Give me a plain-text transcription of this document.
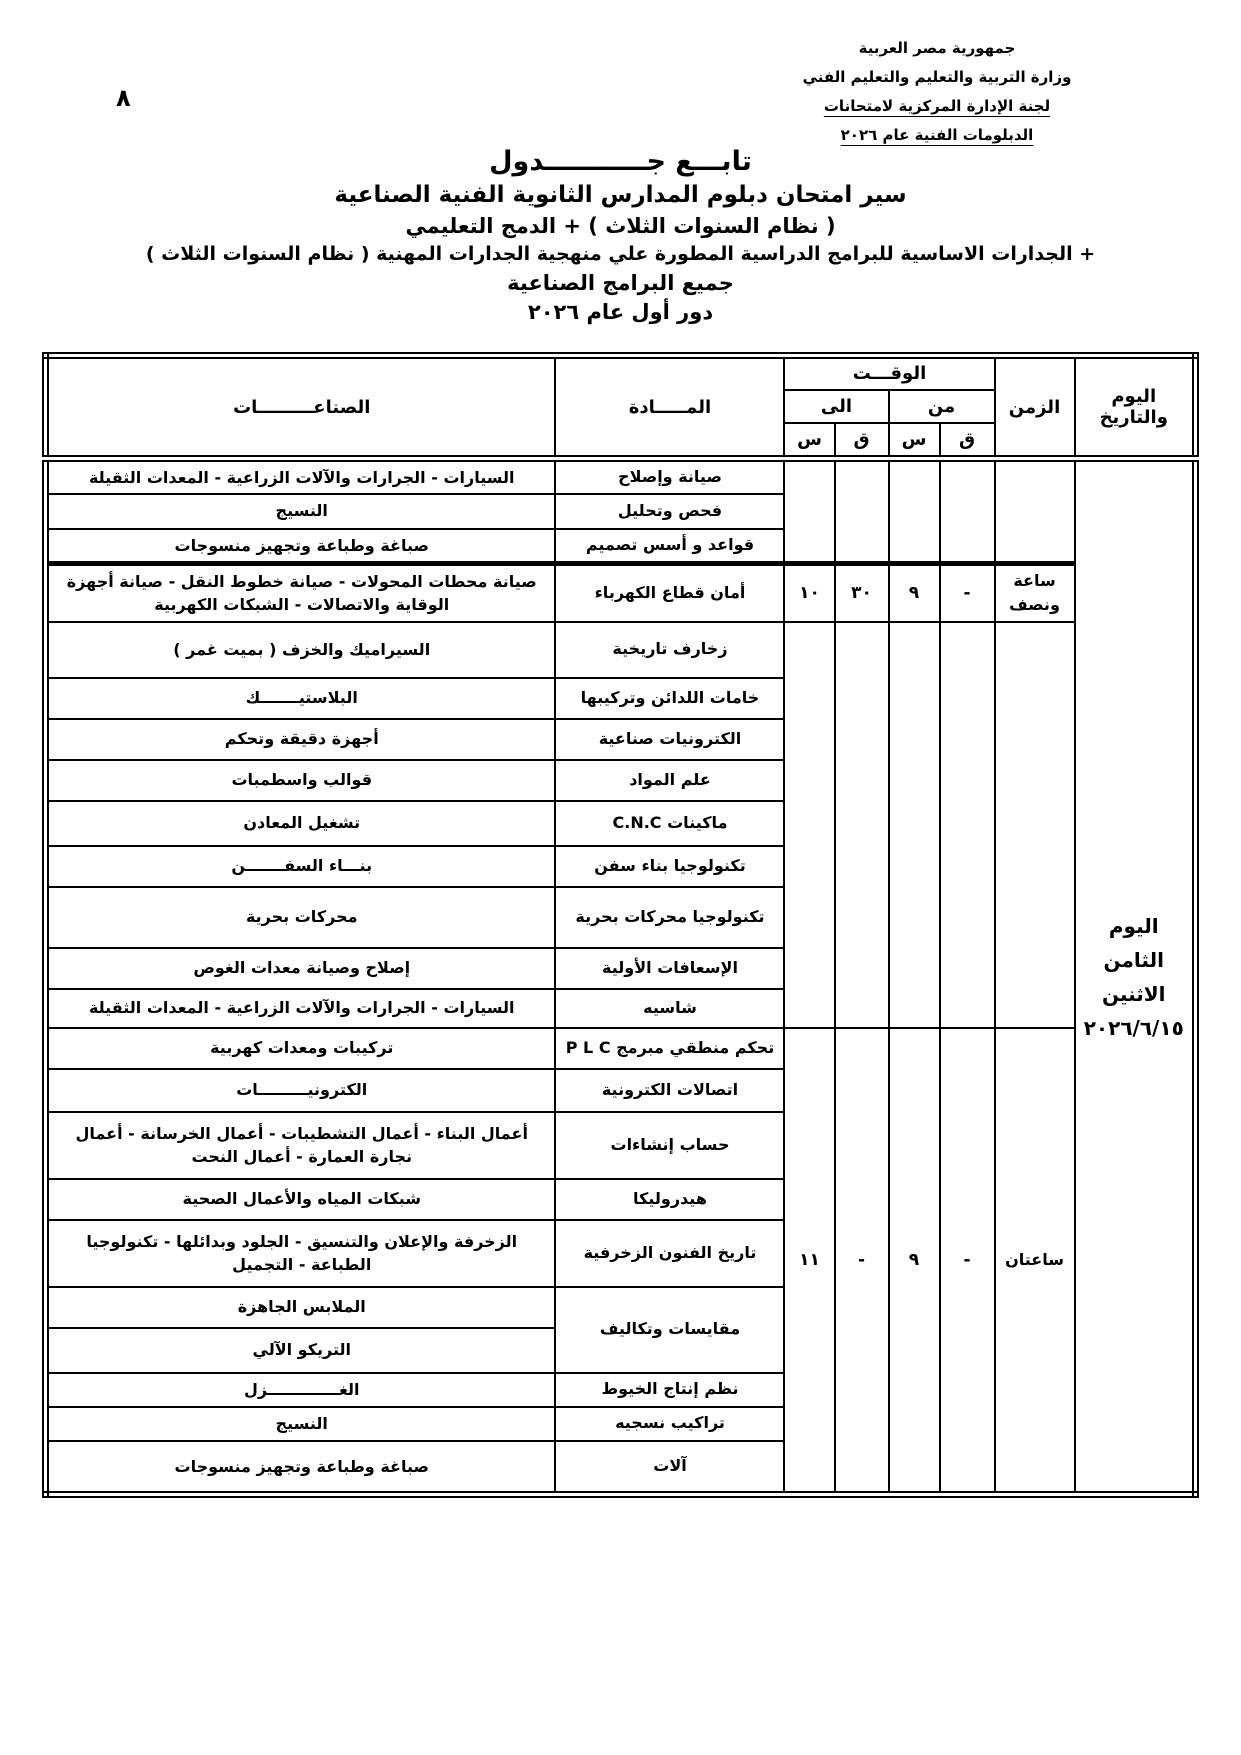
٨
جمهورية مصر العربية
وزارة التربية والتعليم والتعليم الفني
لجنة الإدارة المركزية لامتحانات
الدبلومات الفنية عام ٢٠٢٦
تابـــع جـــــــــــدول
سير امتحان دبلوم المدارس الثانوية الفنية الصناعية
( نظام السنوات الثلاث ) + الدمج التعليمي
+ الجدارات الاساسية للبرامج الدراسية المطورة علي منهجية الجدارات المهنية ( نظام السنوات الثلاث )
جميع البرامج الصناعية
دور أول عام ٢٠٢٦
اليوم والتاريخ	الزمن	الوقـــت				المـــــادة	الصناعـــــــــات
		من		الى			
		ق	س	ق	س		

اليوم
الثامن
الاثنين
٢٠٢٦/٦/١٥						صيانة وإصلاح	السيارات - الجرارات والآلات الزراعية - المعدات الثقيلة
						فحص وتحليل	النسيج
						قواعد و أسس تصميم	صباغة وطباعة وتجهيز منسوجات
	ساعة ونصف	-	٩	٣٠	١٠	أمان قطاع الكهرباء	صيانة محطات المحولات - صيانة خطوط النقل - صيانة أجهزة الوقاية والاتصالات - الشبكات الكهربية
						زخارف تاريخية	السيراميك والخزف ( بميت غمر )
						خامات اللدائن وتركيبها	البلاستيـــــــك
						الكترونيات صناعية	أجهزة دقيقة وتحكم
						علم المواد	قوالب واسطمبات
						ماكينات C.N.C	تشغيل المعادن
						تكنولوجيا بناء سفن	بنـــاء السفـــــــن
						تكنولوجيا محركات بحرية	محركات بحرية
						الإسعافات الأولية	إصلاح وصيانة معدات الغوص
						شاسيه	السيارات - الجرارات والآلات الزراعية - المعدات الثقيلة
	ساعتان	-	٩	-	١١	تحكم منطقي مبرمج P L C	تركيبات ومعدات كهربية
						اتصالات الكترونية	الكترونيـــــــــات
						حساب إنشاءات	أعمال البناء - أعمال التشطيبات - أعمال الخرسانة - أعمال نجارة العمارة - أعمال النحت
						هيدروليكا	شبكات المياه والأعمال الصحية
						تاريخ الفنون الزخرفية	الزخرفة والإعلان والتنسيق - الجلود وبدائلها - تكنولوجيا الطباعة - التجميل
						مقايسات وتكاليف	الملابس الجاهزة
							التريكو الآلي
						نظم إنتاج الخيوط	الغـــــــــــــزل
						تراكيب نسجيه	النسيج
						آلات	صباغة وطباعة وتجهيز منسوجات
